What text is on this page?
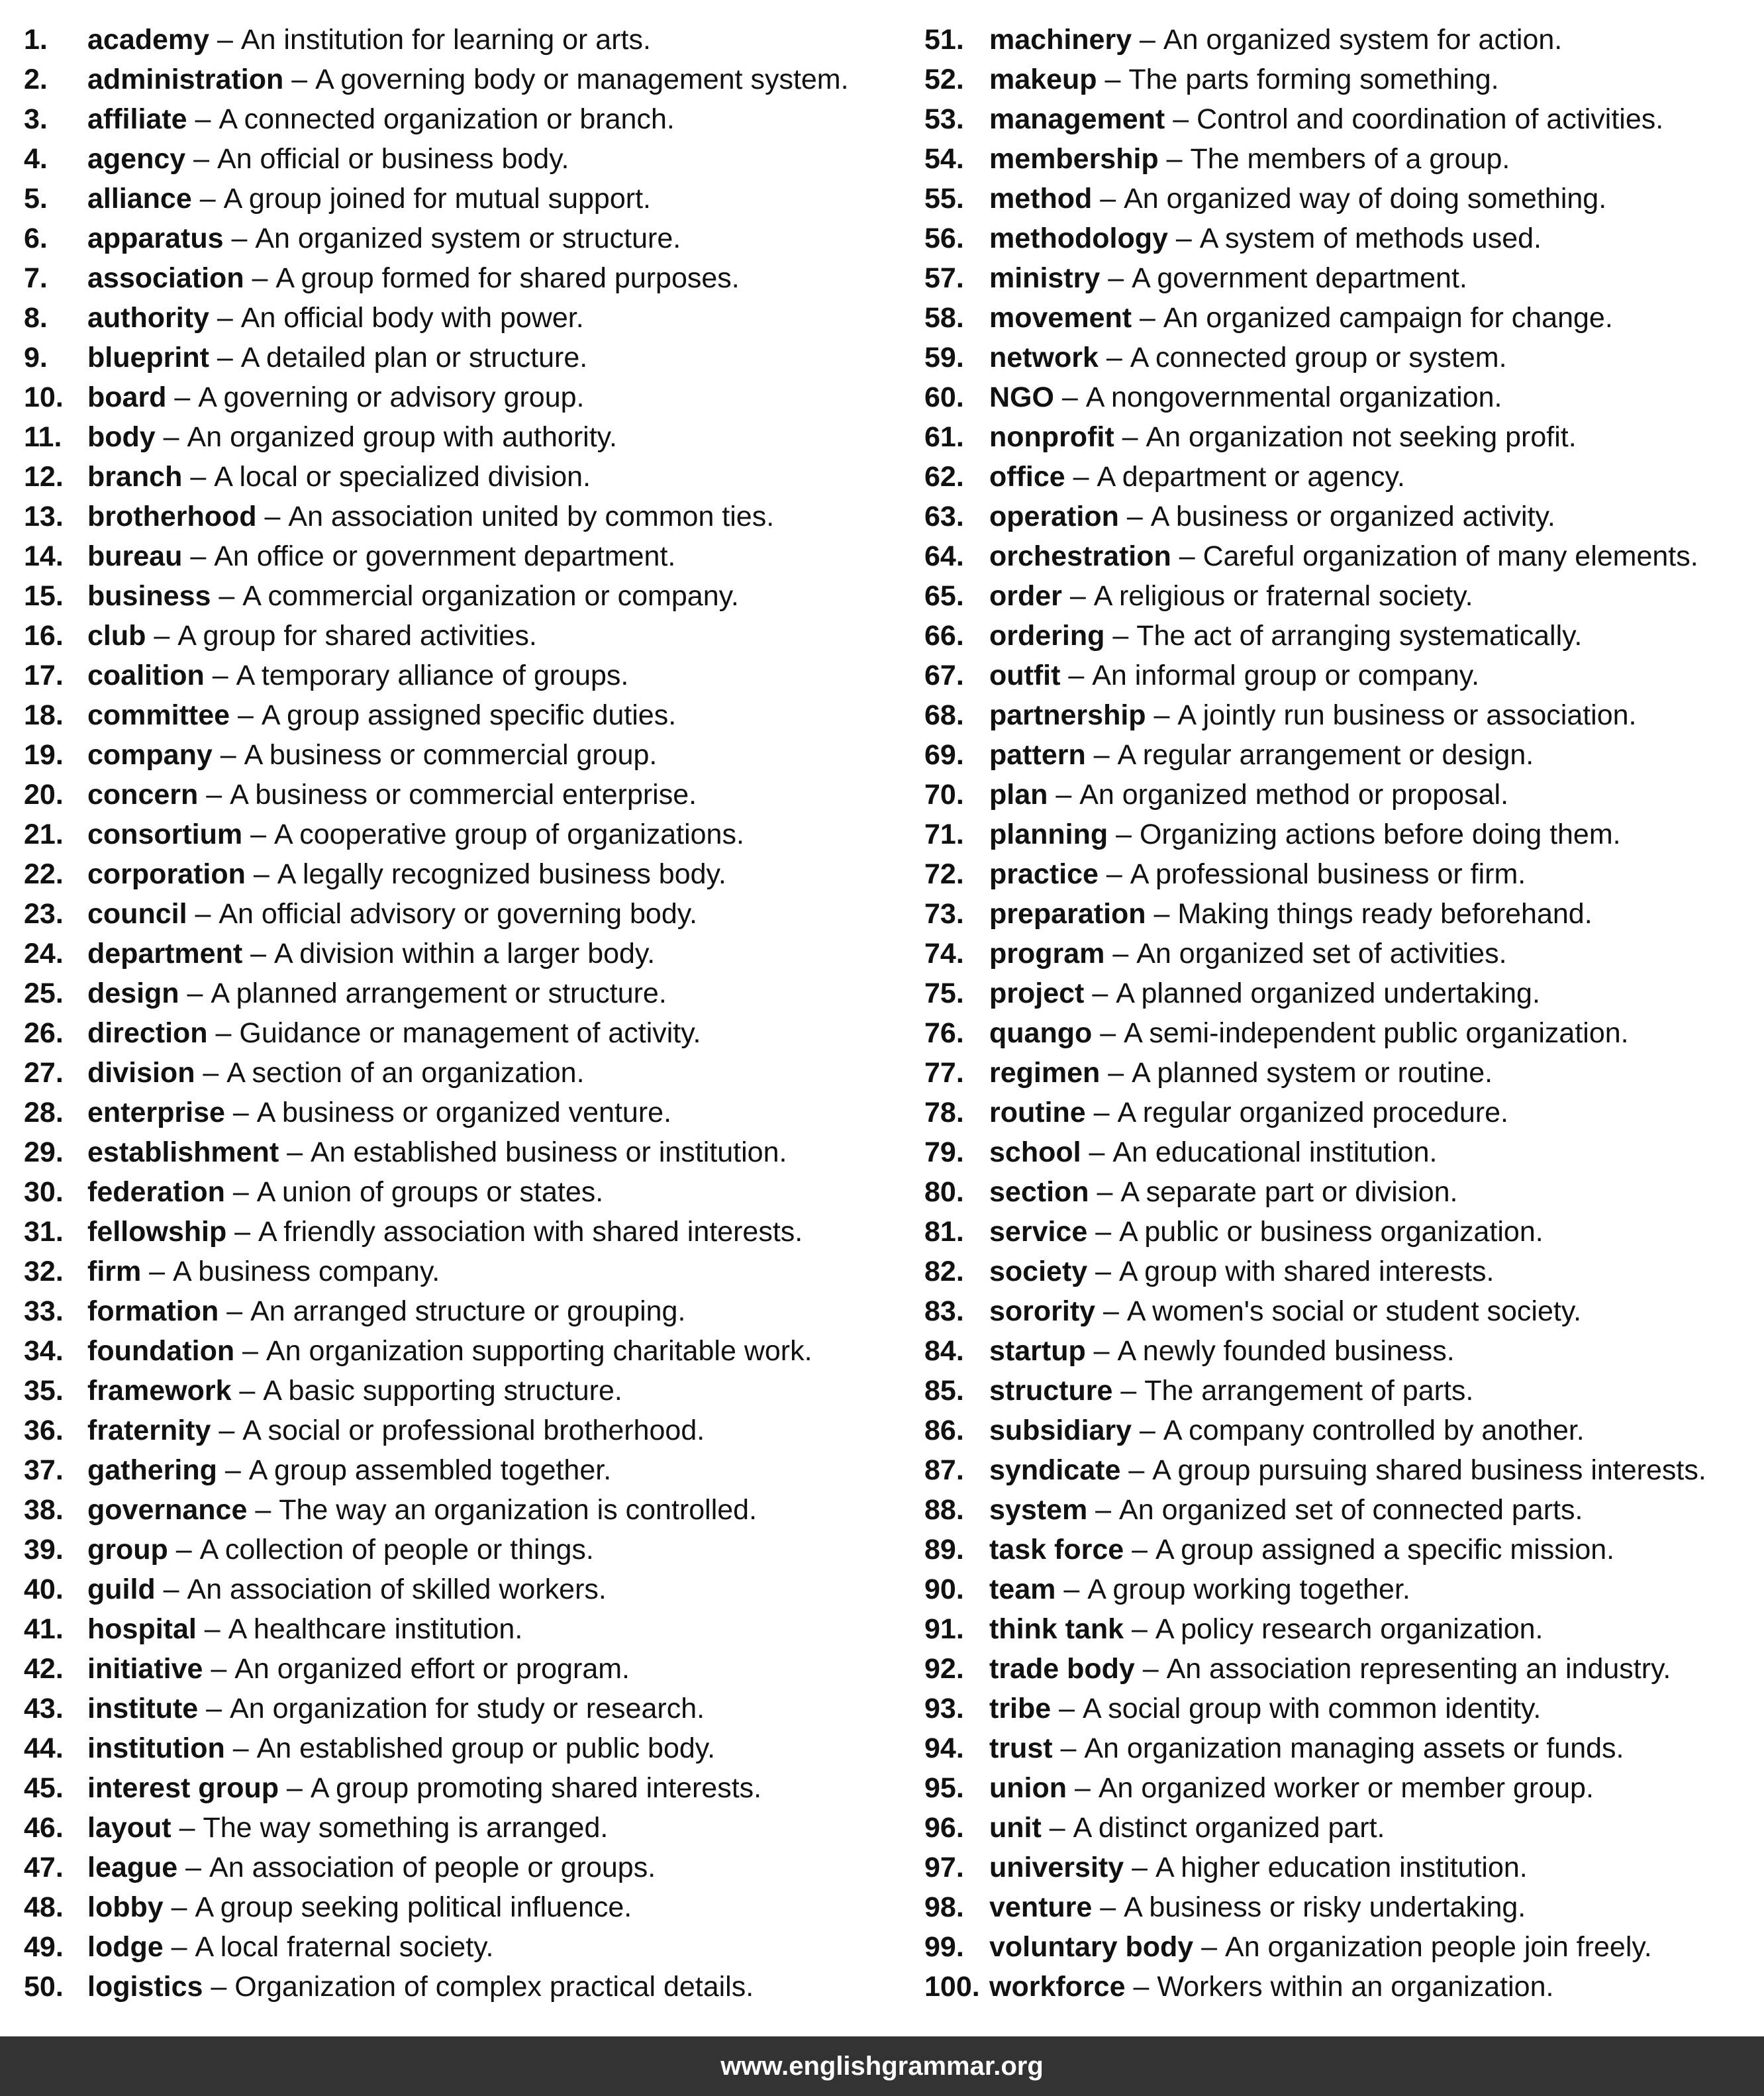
1.	academy – An institution for learning or arts.
2.	administration – A governing body or management system.
3.	affiliate – A connected organization or branch.
4.	agency – An official or business body.
5.	alliance – A group joined for mutual support.
6.	apparatus – An organized system or structure.
7.	association – A group formed for shared purposes.
8.	authority – An official body with power.
9.	blueprint – A detailed plan or structure.
10. board – A governing or advisory group.
11. body – An organized group with authority.
12. branch – A local or specialized division.
13. brotherhood – An association united by common ties.
14. bureau – An office or government department.
15. business – A commercial organization or company.
16. club – A group for shared activities.
17. coalition – A temporary alliance of groups.
18. committee – A group assigned specific duties.
19. company – A business or commercial group.
20. concern – A business or commercial enterprise.
21. consortium – A cooperative group of organizations.
22. corporation – A legally recognized business body.
23. council – An official advisory or governing body.
24. department – A division within a larger body.
25. design – A planned arrangement or structure.
26. direction – Guidance or management of activity.
27. division – A section of an organization.
28. enterprise – A business or organized venture.
29. establishment – An established business or institution.
30. federation – A union of groups or states.
31. fellowship – A friendly association with shared interests.
32. firm – A business company.
33. formation – An arranged structure or grouping.
34. foundation – An organization supporting charitable work.
35. framework – A basic supporting structure.
36. fraternity – A social or professional brotherhood.
37. gathering – A group assembled together.
38. governance – The way an organization is controlled.
39. group – A collection of people or things.
40. guild – An association of skilled workers.
41. hospital – A healthcare institution.
42. initiative – An organized effort or program.
43. institute – An organization for study or research.
44. institution – An established group or public body.
45. interest group – A group promoting shared interests.
46. layout – The way something is arranged.
47. league – An association of people or groups.
48. lobby – A group seeking political influence.
49. lodge – A local fraternal society.
50. logistics – Organization of complex practical details.
51. machinery – An organized system for action.
52. makeup – The parts forming something.
53. management – Control and coordination of activities.
54. membership – The members of a group.
55. method – An organized way of doing something.
56. methodology – A system of methods used.
57. ministry – A government department.
58. movement – An organized campaign for change.
59. network – A connected group or system.
60. NGO – A nongovernmental organization.
61. nonprofit – An organization not seeking profit.
62. office – A department or agency.
63. operation – A business or organized activity.
64. orchestration – Careful organization of many elements.
65. order – A religious or fraternal society.
66. ordering – The act of arranging systematically.
67. outfit – An informal group or company.
68. partnership – A jointly run business or association.
69. pattern – A regular arrangement or design.
70. plan – An organized method or proposal.
71. planning – Organizing actions before doing them.
72. practice – A professional business or firm.
73. preparation – Making things ready beforehand.
74. program – An organized set of activities.
75. project – A planned organized undertaking.
76. quango – A semi-independent public organization.
77. regimen – A planned system or routine.
78. routine – A regular organized procedure.
79. school – An educational institution.
80. section – A separate part or division.
81. service – A public or business organization.
82. society – A group with shared interests.
83. sorority – A women's social or student society.
84. startup – A newly founded business.
85. structure – The arrangement of parts.
86. subsidiary – A company controlled by another.
87. syndicate – A group pursuing shared business interests.
88. system – An organized set of connected parts.
89. task force – A group assigned a specific mission.
90. team – A group working together.
91. think tank – A policy research organization.
92. trade body – An association representing an industry.
93. tribe – A social group with common identity.
94. trust – An organization managing assets or funds.
95. union – An organized worker or member group.
96. unit – A distinct organized part.
97. university – A higher education institution.
98. venture – A business or risky undertaking.
99. voluntary body – An organization people join freely.
100. workforce – Workers within an organization.
www.englishgrammar.org
